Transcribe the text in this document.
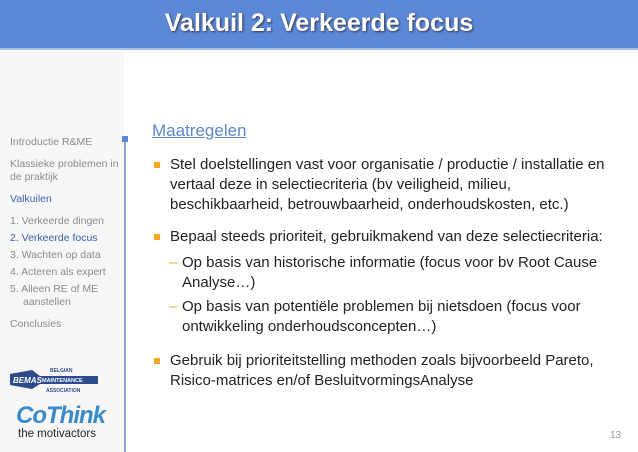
Valkuil 2: Verkeerde focus
Introductie R&ME
Klassieke problemen in de praktijk
Valkuilen
1. Verkeerde dingen
2. Verkeerde focus
3. Wachten op data
4. Acteren als expert
5. Alleen RE of ME
aanstellen
Conclusies
BEMAS
BELGIAN
MAINTENANCE
ASSOCIATION
CoThink
the motivactors
Maatregelen
Stel doelstellingen vast voor organisatie / productie / installatie en vertaal deze in selectiecriteria (bv veiligheid, milieu, beschikbaarheid, betrouwbaarheid, onderhoudskosten, etc.)
Bepaal steeds prioriteit, gebruikmakend van deze selectiecriteria:
– Op basis van historische informatie (focus voor bv Root Cause Analyse…)
– Op basis van potentiële problemen bij nietsdoen (focus voor ontwikkeling onderhoudsconcepten…)
Gebruik bij prioriteitstelling methoden zoals bijvoorbeeld Pareto, Risico-matrices en/of BesluitvormingsAnalyse
13
